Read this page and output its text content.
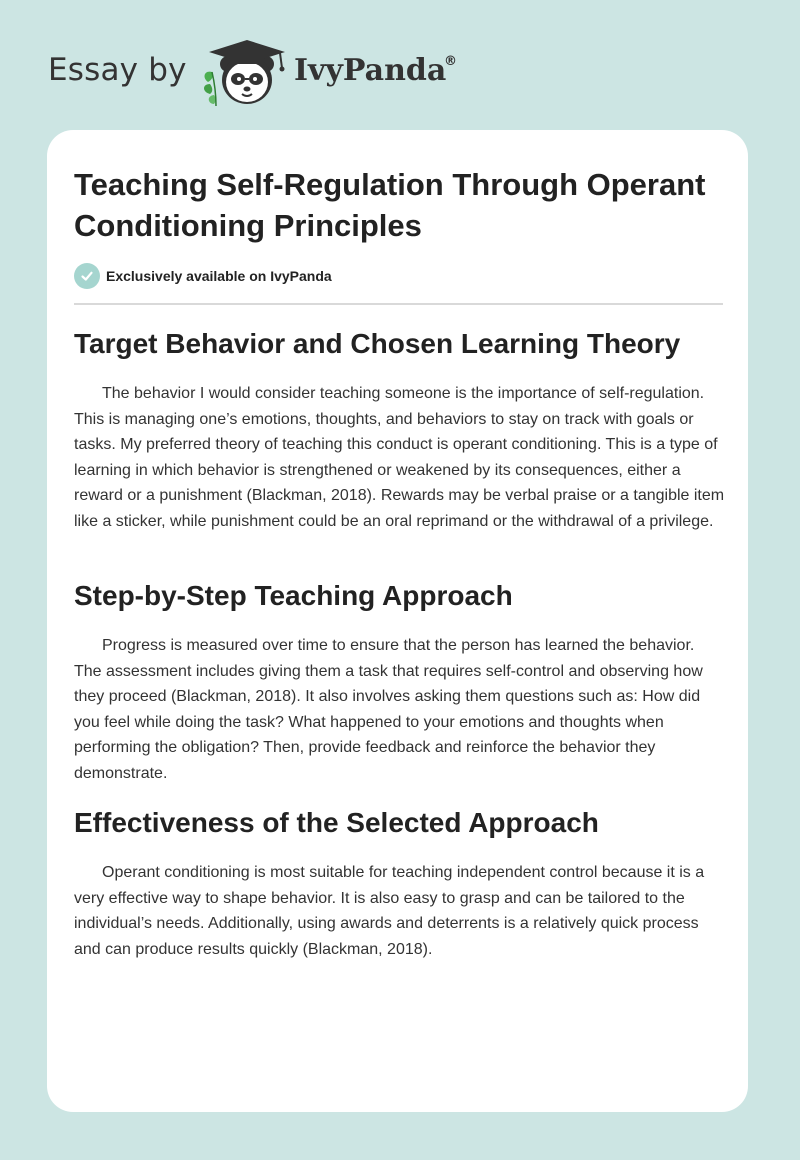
Essay by	IvyPanda
®
Teaching Self-Regulation Through Operant Conditioning Principles
Exclusively available on IvyPanda
Target Behavior and Chosen Learning Theory

The behavior I would consider teaching someone is the importance of self-regulation. This is managing one’s emotions, thoughts, and behaviors to stay on track with goals or tasks. My preferred theory of teaching this conduct is operant conditioning. This is a type of learning in which behavior is strengthened or weakened by its consequences, either a reward or a punishment (Blackman, 2018). Rewards may be verbal praise or a tangible item like a sticker, while punishment could be an oral reprimand or the withdrawal of a privilege.

Step-by-Step Teaching Approach

Progress is measured over time to ensure that the person has learned the behavior. The assessment includes giving them a task that requires self-control and observing how they proceed (Blackman, 2018). It also involves asking them questions such as: How did you feel while doing the task? What happened to your emotions and thoughts when performing the obligation? Then, provide feedback and reinforce the behavior they demonstrate.

Effectiveness of the Selected Approach

Operant conditioning is most suitable for teaching independent control because it is a very effective way to shape behavior. It is also easy to grasp and can be tailored to the individual’s needs. Additionally, using awards and deterrents is a relatively quick process and can produce results quickly (Blackman, 2018).
